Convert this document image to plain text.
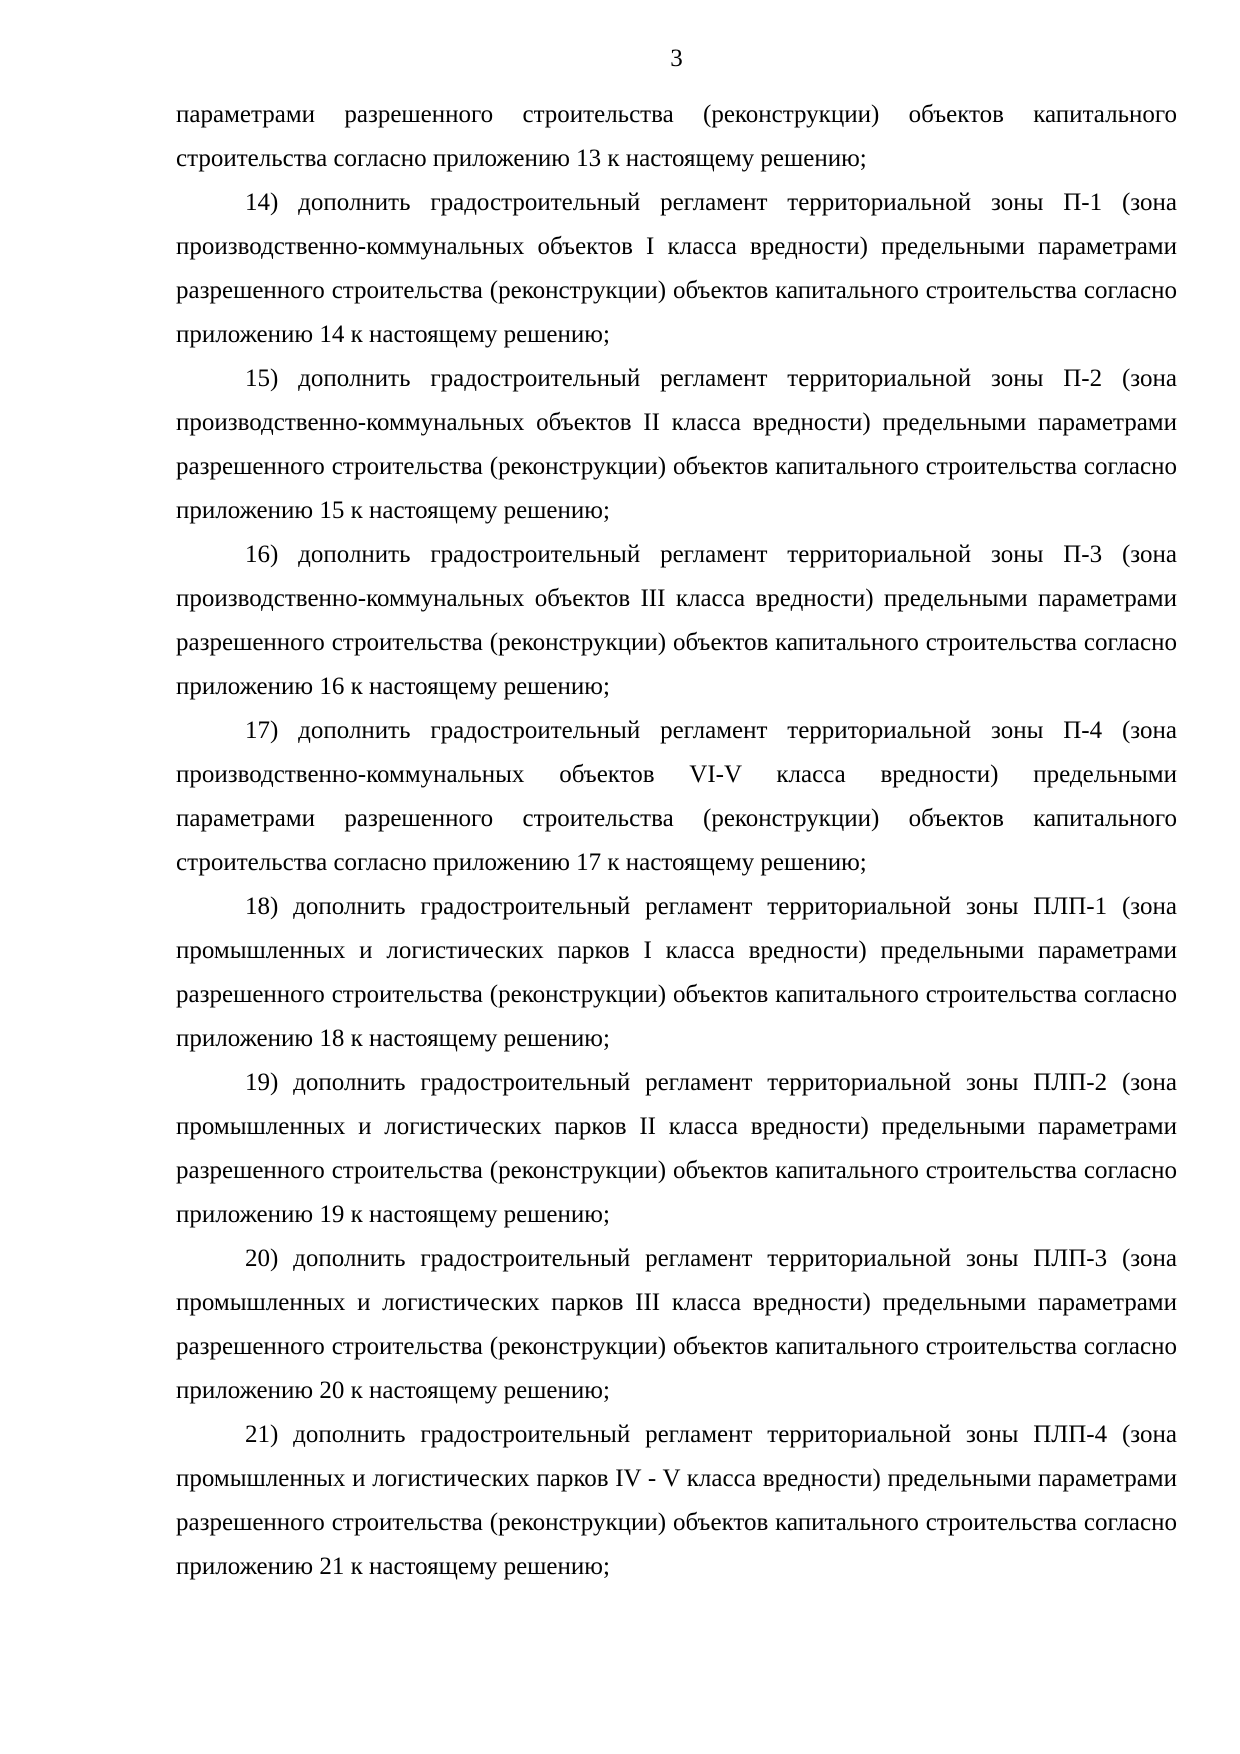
3

параметрами разрешенного строительства (реконструкции) объектов капитального строительства согласно приложению 13 к настоящему решению;

14) дополнить градостроительный регламент территориальной зоны П-1 (зона производственно-коммунальных объектов I класса вредности) предельными параметрами разрешенного строительства (реконструкции) объектов капитального строительства согласно приложению 14 к настоящему решению;

15) дополнить градостроительный регламент территориальной зоны П-2 (зона производственно-коммунальных объектов II класса вредности) предельными параметрами разрешенного строительства (реконструкции) объектов капитального строительства согласно приложению 15 к настоящему решению;

16) дополнить градостроительный регламент территориальной зоны П-3 (зона производственно-коммунальных объектов III класса вредности) предельными параметрами разрешенного строительства (реконструкции) объектов капитального строительства согласно приложению 16 к настоящему решению;

17) дополнить градостроительный регламент территориальной зоны П-4 (зона производственно-коммунальных объектов VI-V класса вредности) предельными параметрами разрешенного строительства (реконструкции) объектов капитального строительства согласно приложению 17 к настоящему решению;

18) дополнить градостроительный регламент территориальной зоны ПЛП-1 (зона промышленных и логистических парков I класса вредности) предельными параметрами разрешенного строительства (реконструкции) объектов капитального строительства согласно приложению 18 к настоящему решению;

19) дополнить градостроительный регламент территориальной зоны ПЛП-2 (зона промышленных и логистических парков II класса вредности) предельными параметрами разрешенного строительства (реконструкции) объектов капитального строительства согласно приложению 19 к настоящему решению;

20) дополнить градостроительный регламент территориальной зоны ПЛП-3 (зона промышленных и логистических парков III класса вредности) предельными параметрами разрешенного строительства (реконструкции) объектов капитального строительства согласно приложению 20 к настоящему решению;

21) дополнить градостроительный регламент территориальной зоны ПЛП-4 (зона промышленных и логистических парков IV - V класса вредности) предельными параметрами разрешенного строительства (реконструкции) объектов капитального строительства согласно приложению 21 к настоящему решению;
